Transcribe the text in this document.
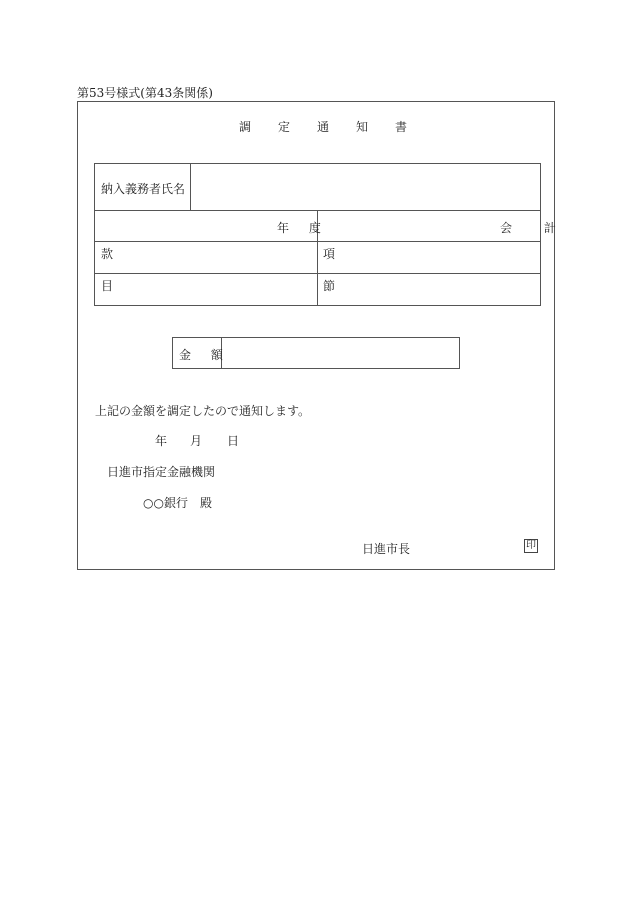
第53号様式(第43条関係)
調定通知書
納入義務者氏名
年 度	会 計
款	項
目	節
金 額
上記の金額を調定したので通知します。
年 月 日
日進市指定金融機関
○○銀行　殿
日進市長	印
